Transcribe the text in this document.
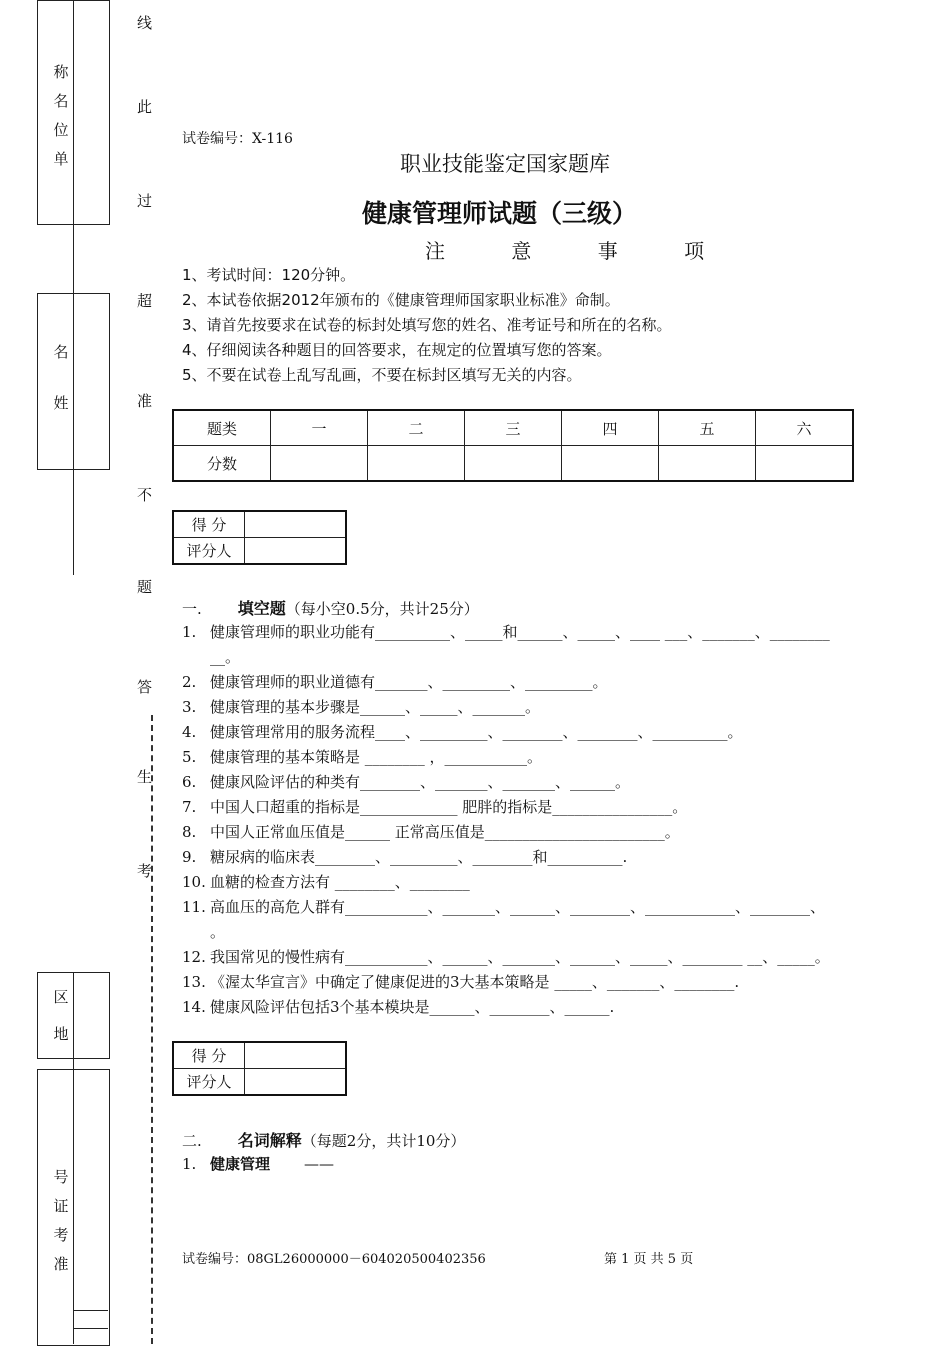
称
名
位
单
名
姓
区
地
号
证
考
准
线
此
过
超
准
不
题
答
生
考
试卷编号：X-116
职业技能鉴定国家题库
健康管理师试题（三级）
注 意 事 项
1、考试时间：120分钟。
2、本试卷依据2012年颁布的《健康管理师国家职业标准》命制。
3、请首先按要求在试卷的标封处填写您的姓名、准考证号和所在的名称。
4、仔细阅读各种题目的回答要求，在规定的位置填写您的答案。
5、不要在试卷上乱写乱画，不要在标封区填写无关的内容。
题类	一	二	三	四	五	六
分数						
得 分	
评分人	
一. 填空题（每小空0.5分，共计25分）
1. 健康管理师的职业功能有__________、_____和______、_____、____ ___、_______、________
__。
2. 健康管理师的职业道德有_______、_________、_________。
3. 健康管理的基本步骤是______、_____、_______。
4. 健康管理常用的服务流程____、_________、________、________、__________。
5. 健康管理的基本策略是 ________ ，___________。
6. 健康风险评估的种类有________、_______、_______、______。
7. 中国人口超重的指标是_____________ 肥胖的指标是________________。
8. 中国人正常血压值是______ 正常高压值是________________________。
9. 糖尿病的临床表________、_________、________和__________.
10. 血糖的检查方法有 ________、________
11. 高血压的高危人群有___________、_______、______、________、____________、________、
。
12. 我国常见的慢性病有___________、______、_______、______、_____、________ __、_____。
13. 《渥太华宣言》中确定了健康促进的3大基本策略是 _____、_______、________.
14. 健康风险评估包括3个基本模块是______、________、______.
得 分	
评分人	
二. 名词解释（每题2分，共计10分）
1. 健康管理 ——
试卷编号：08GL26000000－604020500402356	第 1 页 共 5 页
